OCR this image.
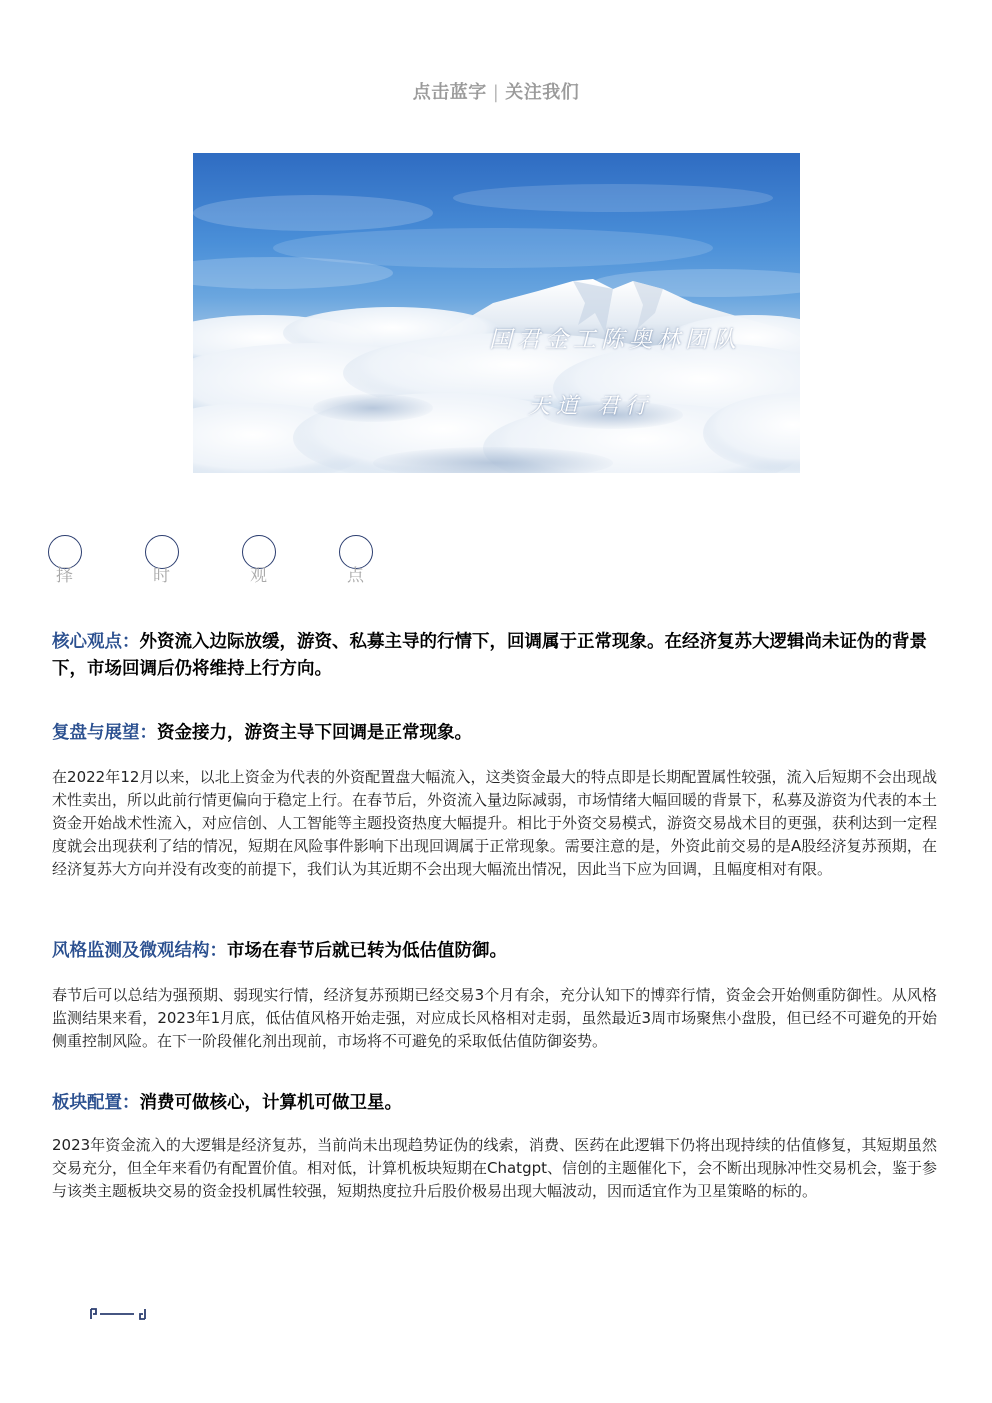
点击蓝字 | 关注我们
国君金工陈奥林团队
天道 君行
择	时	观	点
核心观点：外资流入边际放缓，游资、私募主导的行情下，回调属于正常现象。在经济复苏大逻辑尚未证伪的背景下，市场回调后仍将维持上行方向。
复盘与展望：资金接力，游资主导下回调是正常现象。
在2022年12月以来，以北上资金为代表的外资配置盘大幅流入，这类资金最大的特点即是长期配置属性较强，流入后短期不会出现战术性卖出，所以此前行情更偏向于稳定上行。在春节后，外资流入量边际减弱，市场情绪大幅回暖的背景下，私募及游资为代表的本土资金开始战术性流入，对应信创、人工智能等主题投资热度大幅提升。相比于外资交易模式，游资交易战术目的更强，获利达到一定程度就会出现获利了结的情况，短期在风险事件影响下出现回调属于正常现象。需要注意的是，外资此前交易的是A股经济复苏预期，在经济复苏大方向并没有改变的前提下，我们认为其近期不会出现大幅流出情况，因此当下应为回调，且幅度相对有限。
风格监测及微观结构：市场在春节后就已转为低估值防御。
春节后可以总结为强预期、弱现实行情，经济复苏预期已经交易3个月有余，充分认知下的博弈行情，资金会开始侧重防御性。从风格监测结果来看，2023年1月底，低估值风格开始走强，对应成长风格相对走弱，虽然最近3周市场聚焦小盘股，但已经不可避免的开始侧重控制风险。在下一阶段催化剂出现前，市场将不可避免的采取低估值防御姿势。
板块配置：消费可做核心，计算机可做卫星。
2023年资金流入的大逻辑是经济复苏，当前尚未出现趋势证伪的线索，消费、医药在此逻辑下仍将出现持续的估值修复，其短期虽然交易充分，但全年来看仍有配置价值。相对低，计算机板块短期在Chatgpt、信创的主题催化下，会不断出现脉冲性交易机会，鉴于参与该类主题板块交易的资金投机属性较强，短期热度拉升后股价极易出现大幅波动，因而适宜作为卫星策略的标的。
